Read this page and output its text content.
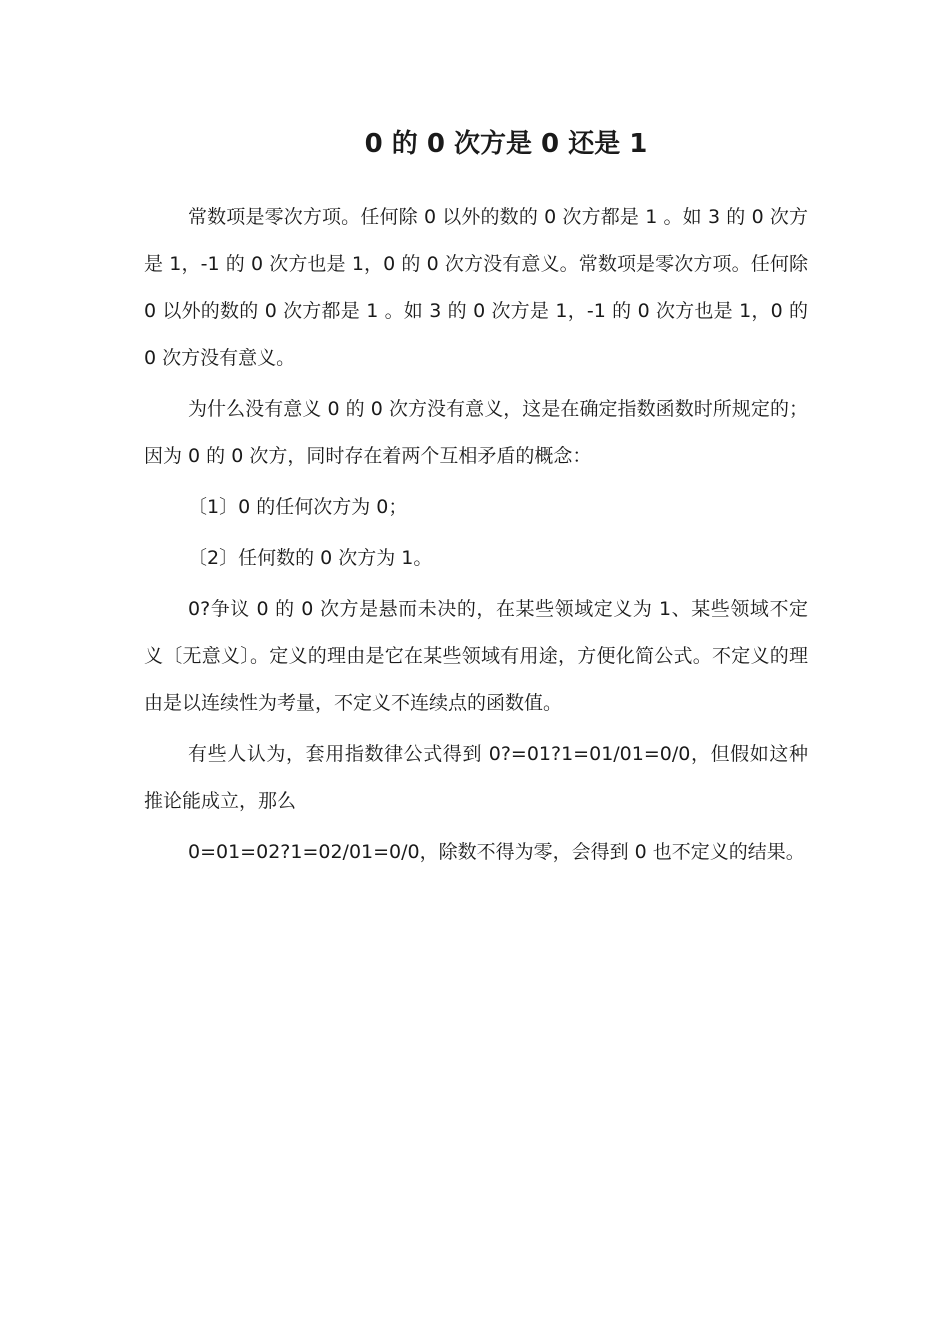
0 的 0 次方是 0 还是 1

常数项是零次方项。任何除 0 以外的数的 0 次方都是 1 。如 3 的 0 次方是 1，-1 的 0 次方也是 1，0 的 0 次方没有意义。常数项是零次方项。任何除 0 以外的数的 0 次方都是 1 。如 3 的 0 次方是 1，-1 的 0 次方也是 1，0 的 0 次方没有意义。

为什么没有意义 0 的 0 次方没有意义，这是在确定指数函数时所规定的；因为 0 的 0 次方，同时存在着两个互相矛盾的概念：

〔1〕0 的任何次方为 0；

〔2〕任何数的 0 次方为 1。

0?争议 0 的 0 次方是悬而未决的，在某些领域定义为 1、某些领域不定义〔无意义〕。定义的理由是它在某些领域有用途，方便化简公式。不定义的理由是以连续性为考量，不定义不连续点的函数值。

有些人认为，套用指数律公式得到 0?=01?1=01/01=0/0，但假如这种推论能成立，那么

0=01=02?1=02/01=0/0，除数不得为零，会得到 0 也不定义的结果。
